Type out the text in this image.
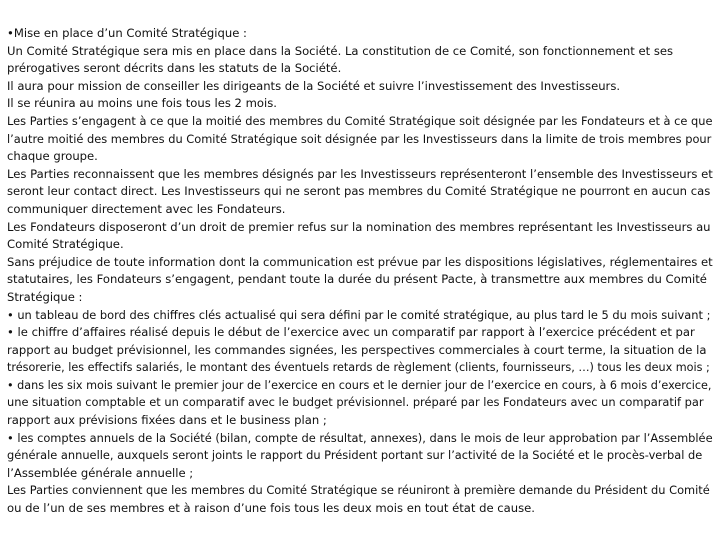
•Mise en place d’un Comité Stratégique :
Un Comité Stratégique sera mis en place dans la Société. La constitution de ce Comité, son fonctionnement et ses
prérogatives seront décrits dans les statuts de la Société.
Il aura pour mission de conseiller les dirigeants de la Société et suivre l’investissement des Investisseurs.
Il se réunira au moins une fois tous les 2 mois.
Les Parties s’engagent à ce que la moitié des membres du Comité Stratégique soit désignée par les Fondateurs et à ce que
l’autre moitié des membres du Comité Stratégique soit désignée par les Investisseurs dans la limite de trois membres pour
chaque groupe.
Les Parties reconnaissent que les membres désignés par les Investisseurs représenteront l’ensemble des Investisseurs et
seront leur contact direct. Les Investisseurs qui ne seront pas membres du Comité Stratégique ne pourront en aucun cas
communiquer directement avec les Fondateurs.
Les Fondateurs disposeront d’un droit de premier refus sur la nomination des membres représentant les Investisseurs au
Comité Stratégique.
Sans préjudice de toute information dont la communication est prévue par les dispositions législatives, réglementaires et
statutaires, les Fondateurs s’engagent, pendant toute la durée du présent Pacte, à transmettre aux membres du Comité
Stratégique :
• un tableau de bord des chiffres clés actualisé qui sera défini par le comité stratégique, au plus tard le 5 du mois suivant ;
• le chiffre d’affaires réalisé depuis le début de l’exercice avec un comparatif par rapport à l’exercice précédent et par
rapport au budget prévisionnel, les commandes signées, les perspectives commerciales à court terme, la situation de la
trésorerie, les effectifs salariés, le montant des éventuels retards de règlement (clients, fournisseurs, …) tous les deux mois ;
• dans les six mois suivant le premier jour de l’exercice en cours et le dernier jour de l’exercice en cours, à 6 mois d’exercice,
une situation comptable et un comparatif avec le budget prévisionnel. préparé par les Fondateurs avec un comparatif par
rapport aux prévisions fixées dans et le business plan ;
• les comptes annuels de la Société (bilan, compte de résultat, annexes), dans le mois de leur approbation par l’Assemblée
générale annuelle, auxquels seront joints le rapport du Président portant sur l’activité de la Société et le procès-verbal de
l’Assemblée générale annuelle ;
Les Parties conviennent que les membres du Comité Stratégique se réuniront à première demande du Président du Comité
ou de l’un de ses membres et à raison d’une fois tous les deux mois en tout état de cause.
